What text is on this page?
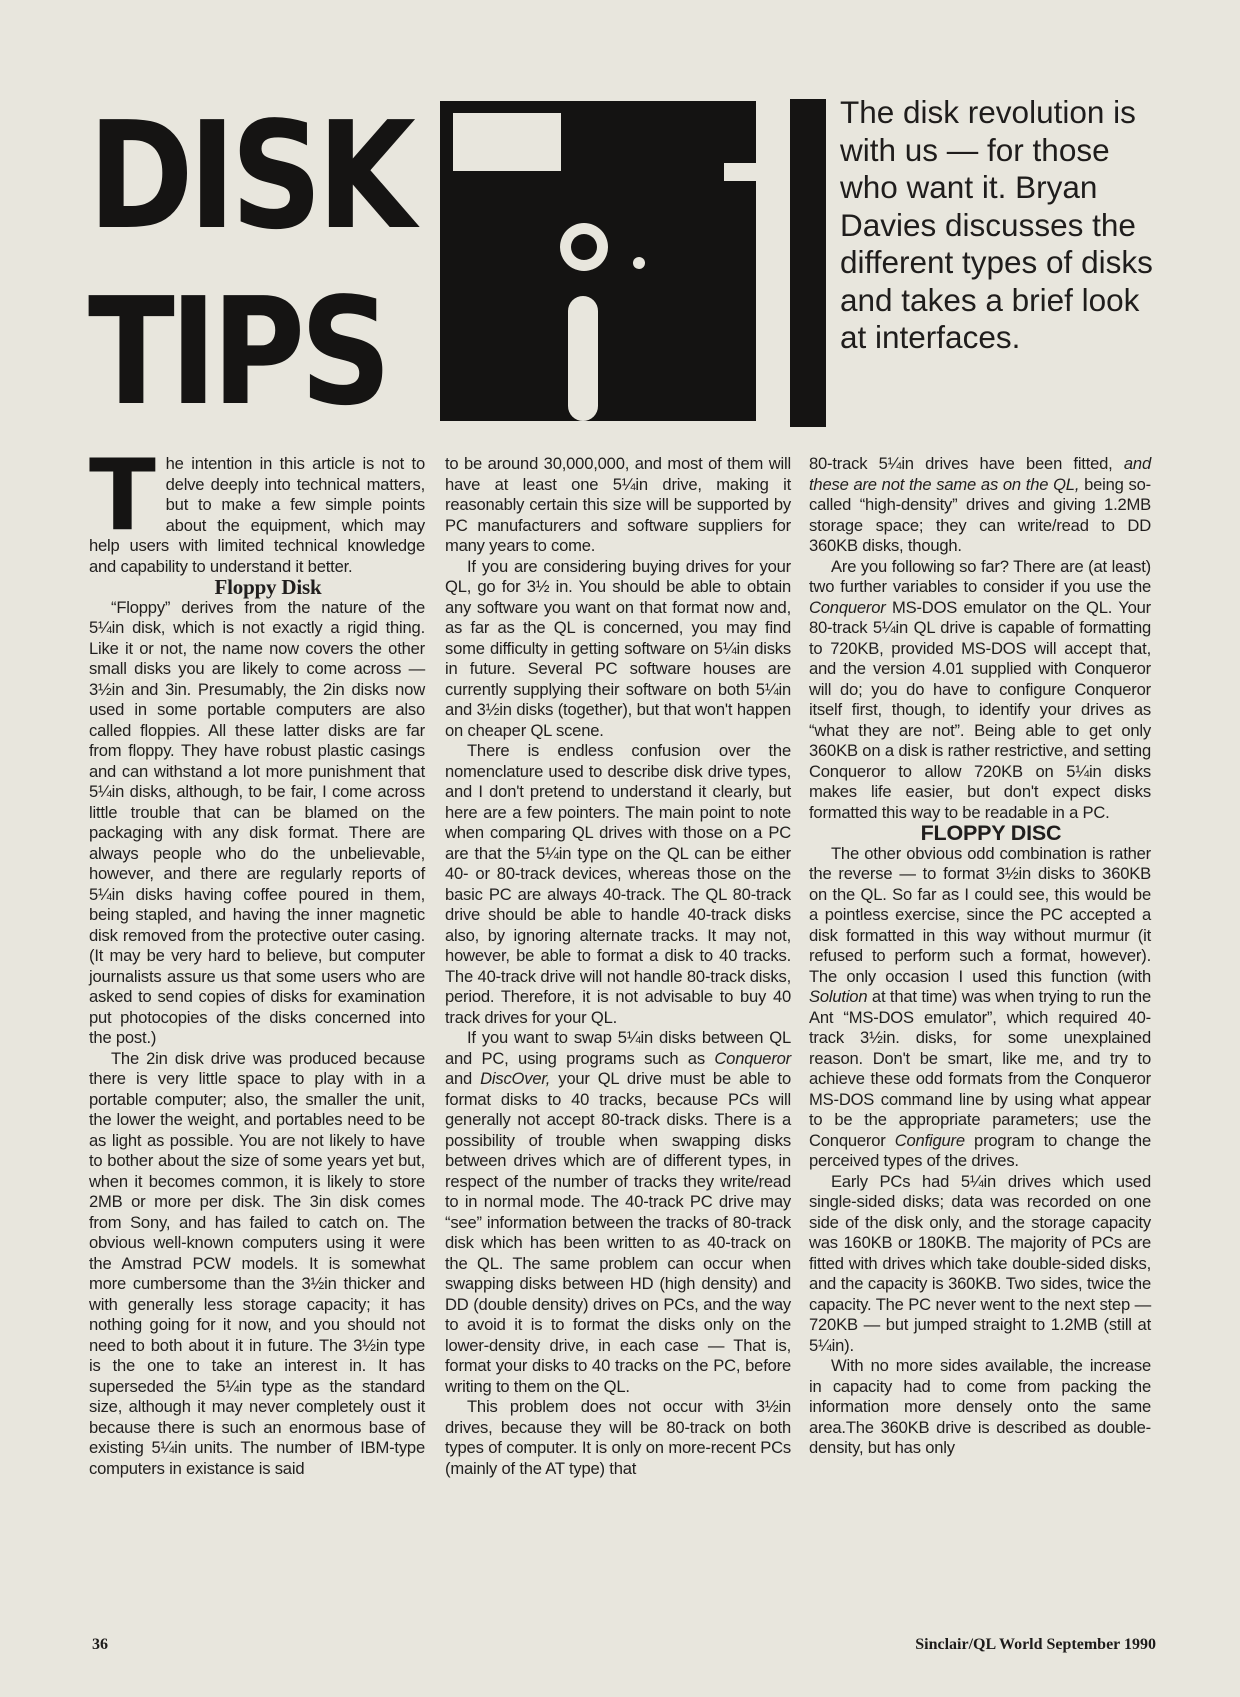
DISK
TIPS
The disk revolution is with us — for those who want it. Bryan Davies discusses the different types of disks and takes a brief look at interfaces.

The intention in this article is not to delve deeply into technical matters, but to make a few simple points about the equipment, which may help users with limited technical knowledge and capability to understand it better.

Floppy Disk

“Floppy” derives from the nature of the 5¼in disk, which is not exactly a rigid thing. Like it or not, the name now covers the other small disks you are likely to come across — 3½in and 3in. Presumably, the 2in disks now used in some portable computers are also called floppies. All these latter disks are far from floppy. They have robust plastic casings and can withstand a lot more punishment that 5¼in disks, although, to be fair, I come across little trouble that can be blamed on the packaging with any disk format. There are always people who do the unbelievable, however, and there are regularly reports of 5¼in disks having coffee poured in them, being stapled, and having the inner magnetic disk removed from the protective outer casing. (It may be very hard to believe, but computer journalists assure us that some users who are asked to send copies of disks for examination put photocopies of the disks concerned into the post.)

The 2in disk drive was produced because there is very little space to play with in a portable computer; also, the smaller the unit, the lower the weight, and portables need to be as light as possible. You are not likely to have to bother about the size of some years yet but, when it becomes common, it is likely to store 2MB or more per disk. The 3in disk comes from Sony, and has failed to catch on. The obvious well-known computers using it were the Amstrad PCW models. It is somewhat more cumbersome than the 3½in thicker and with generally less storage capacity; it has nothing going for it now, and you should not need to both about it in future. The 3½in type is the one to take an interest in. It has superseded the 5¼in type as the standard size, although it may never completely oust it because there is such an enormous base of existing 5¼in units. The number of IBM-type computers in existance is said

to be around 30,000,000, and most of them will have at least one 5¼in drive, making it reasonably certain this size will be supported by PC manufacturers and software suppliers for many years to come.

If you are considering buying drives for your QL, go for 3½ in. You should be able to obtain any software you want on that format now and, as far as the QL is concerned, you may find some difficulty in getting software on 5¼in disks in future. Several PC software houses are currently supplying their software on both 5¼in and 3½in disks (together), but that won't happen on cheaper QL scene.

There is endless confusion over the nomenclature used to describe disk drive types, and I don't pretend to understand it clearly, but here are a few pointers. The main point to note when comparing QL drives with those on a PC are that the 5¼in type on the QL can be either 40- or 80-track devices, whereas those on the basic PC are always 40-track. The QL 80-track drive should be able to handle 40-track disks also, by ignoring alternate tracks. It may not, however, be able to format a disk to 40 tracks. The 40-track drive will not handle 80-track disks, period. Therefore, it is not advisable to buy 40 track drives for your QL.

If you want to swap 5¼in disks between QL and PC, using programs such as Conqueror and DiscOver, your QL drive must be able to format disks to 40 tracks, because PCs will generally not accept 80-track disks. There is a possibility of trouble when swapping disks between drives which are of different types, in respect of the number of tracks they write/read to in normal mode. The 40-track PC drive may “see” information between the tracks of 80-track disk which has been written to as 40-track on the QL. The same problem can occur when swapping disks between HD (high density) and DD (double density) drives on PCs, and the way to avoid it is to format the disks only on the lower-density drive, in each case — That is, format your disks to 40 tracks on the PC, before writing to them on the QL.

This problem does not occur with 3½in drives, because they will be 80-track on both types of computer. It is only on more-recent PCs (mainly of the AT type) that

80-track 5¼in drives have been fitted, and these are not the same as on the QL, being so-called “high-density” drives and giving 1.2MB storage space; they can write/read to DD 360KB disks, though.

Are you following so far? There are (at least) two further variables to consider if you use the Conqueror MS-DOS emulator on the QL. Your 80-track 5¼in QL drive is capable of formatting to 720KB, provided MS-DOS will accept that, and the version 4.01 supplied with Conqueror will do; you do have to configure Conqueror itself first, though, to identify your drives as “what they are not”. Being able to get only 360KB on a disk is rather restrictive, and setting Conqueror to allow 720KB on 5¼in disks makes life easier, but don't expect disks formatted this way to be readable in a PC.

FLOPPY DISC

The other obvious odd combination is rather the reverse — to format 3½in disks to 360KB on the QL. So far as I could see, this would be a pointless exercise, since the PC accepted a disk formatted in this way without murmur (it refused to perform such a format, however). The only occasion I used this function (with Solution at that time) was when trying to run the Ant “MS-DOS emulator”, which required 40-track 3½in. disks, for some unexplained reason. Don't be smart, like me, and try to achieve these odd formats from the Conqueror MS-DOS command line by using what appear to be the appropriate parameters; use the Conqueror Configure program to change the perceived types of the drives.

Early PCs had 5¼in drives which used single-sided disks; data was recorded on one side of the disk only, and the storage capacity was 160KB or 180KB. The majority of PCs are fitted with drives which take double-sided disks, and the capacity is 360KB. Two sides, twice the capacity. The PC never went to the next step — 720KB — but jumped straight to 1.2MB (still at 5¼in).

With no more sides available, the increase in capacity had to come from packing the information more densely onto the same area.The 360KB drive is described as double-density, but has only

36	Sinclair/QL World September 1990
